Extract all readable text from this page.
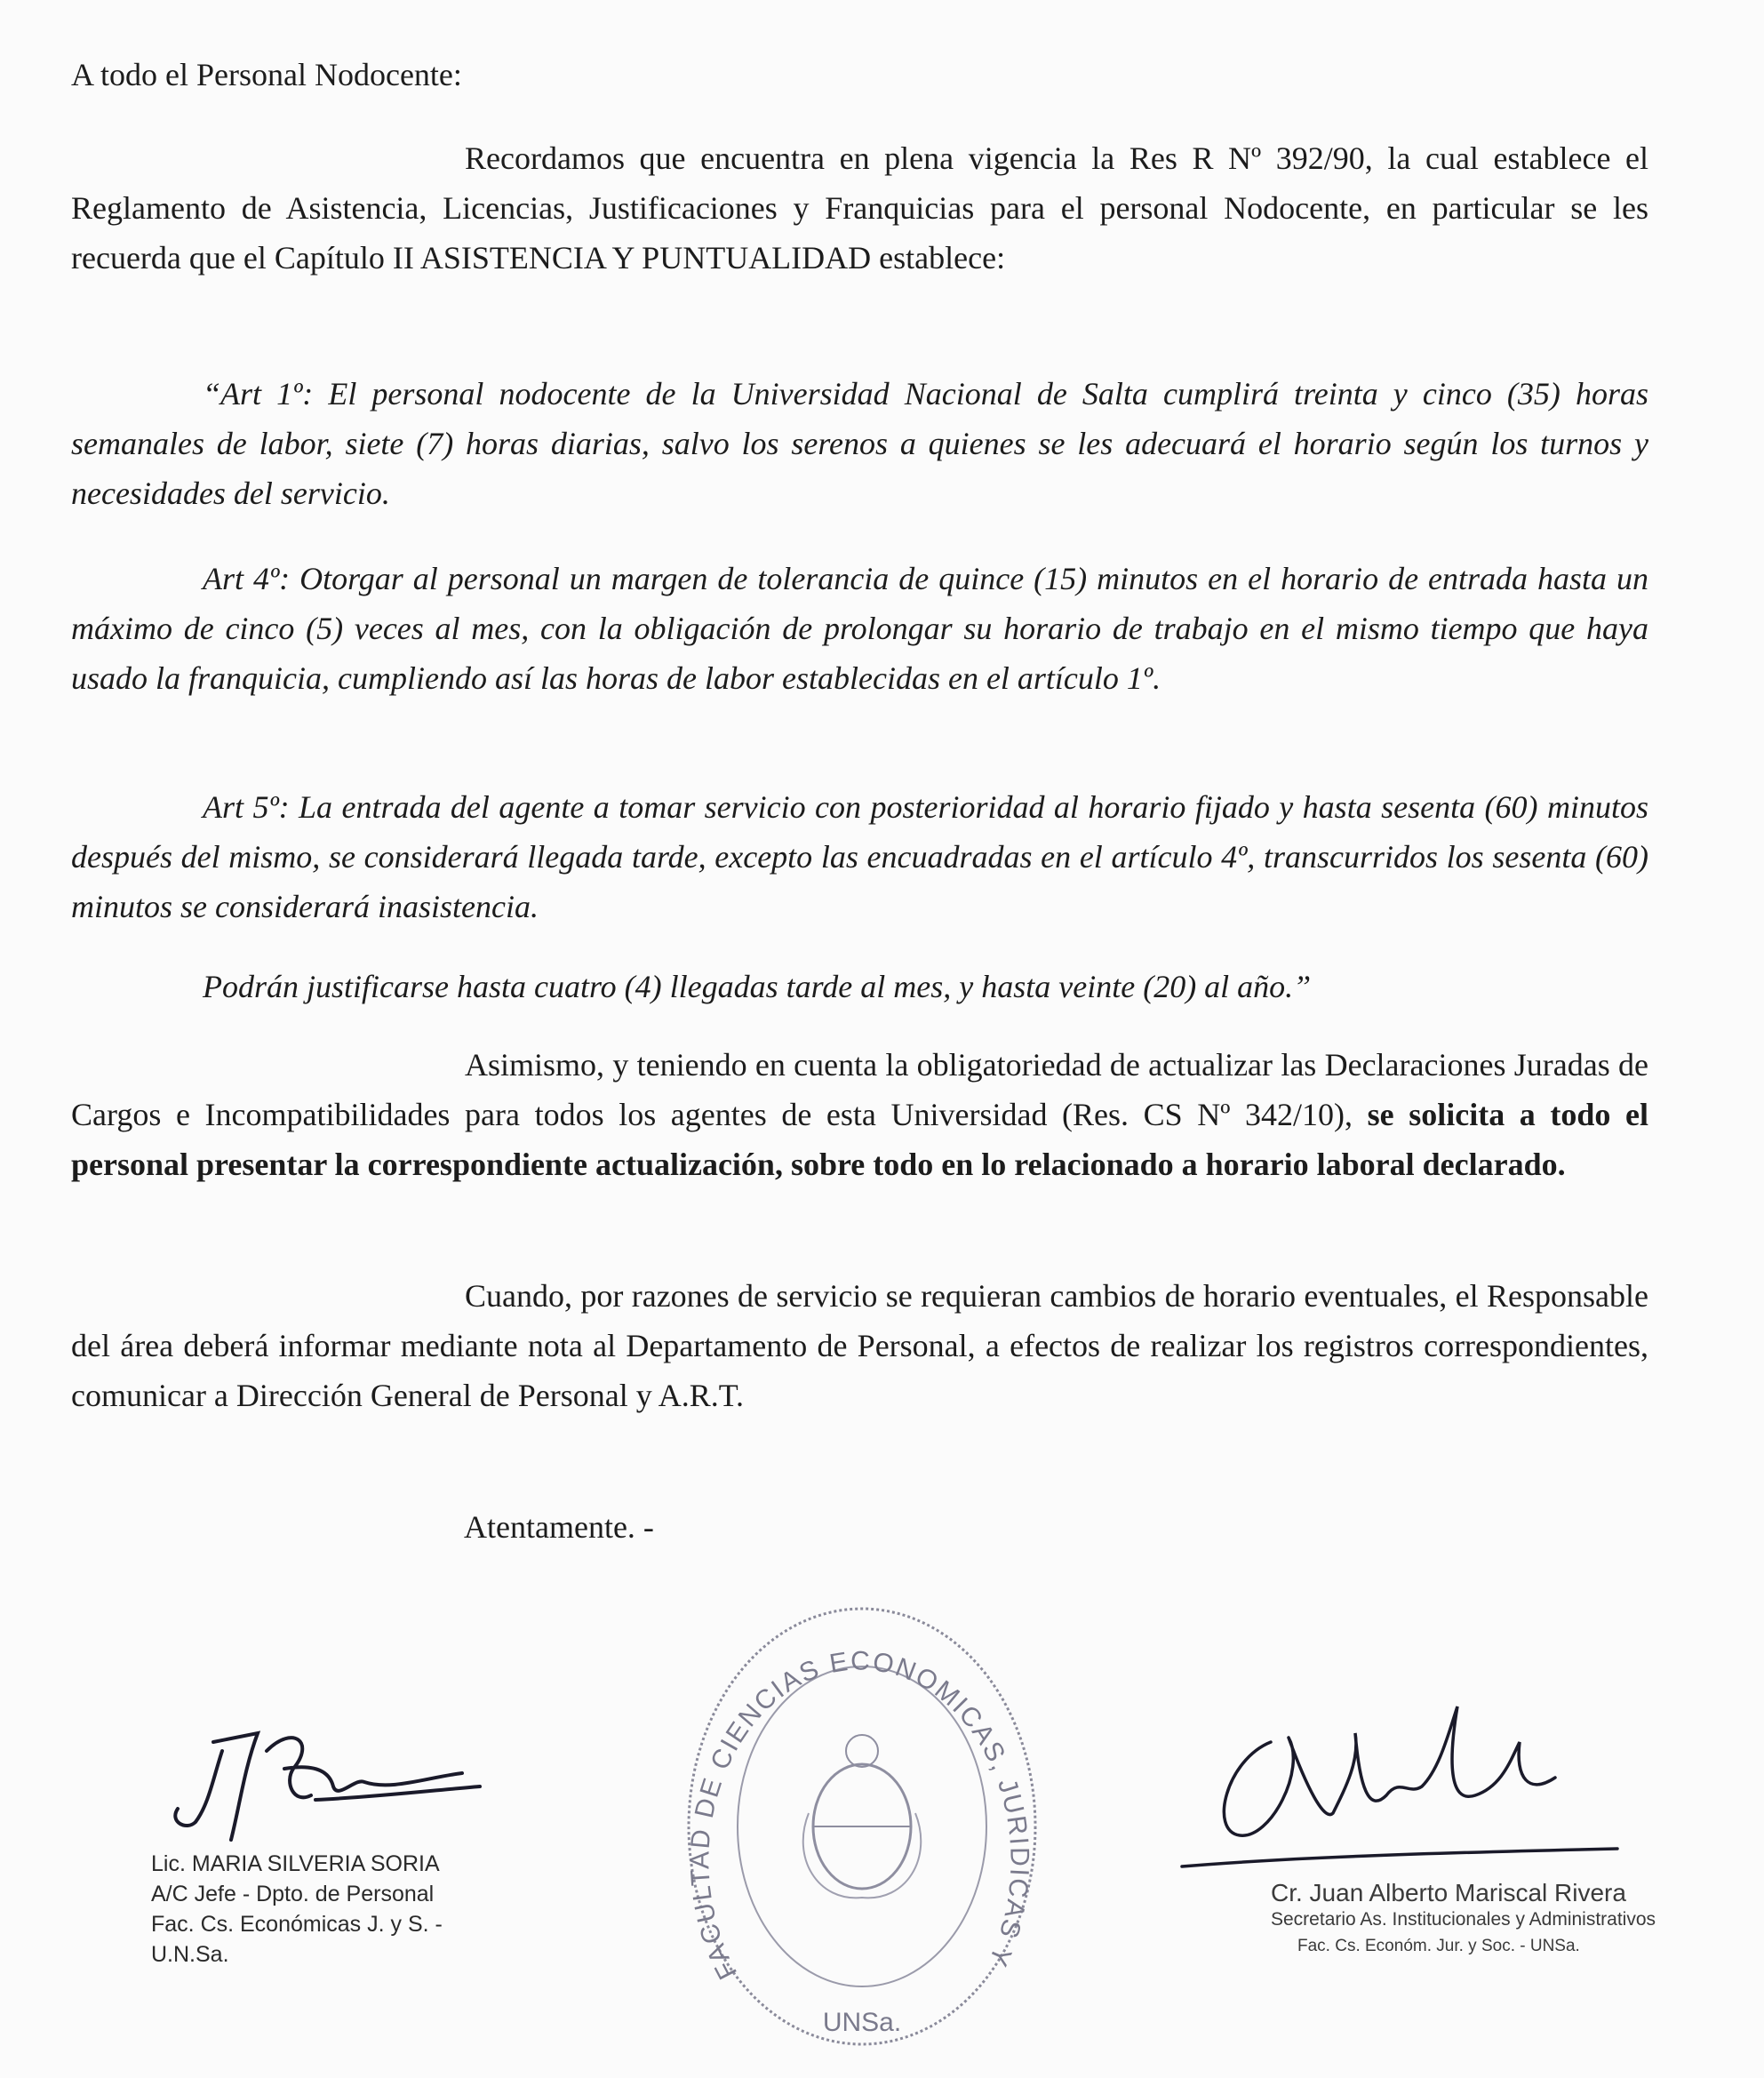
A todo el Personal Nodocente:

Recordamos que encuentra en plena vigencia la Res R Nº 392/90, la cual establece el Reglamento de Asistencia, Licencias, Justificaciones y Franquicias para el personal Nodocente, en particular se les recuerda que el Capítulo II ASISTENCIA Y PUNTUALIDAD establece:

“Art 1º: El personal nodocente de la Universidad Nacional de Salta cumplirá treinta y cinco (35) horas semanales de labor, siete (7) horas diarias, salvo los serenos a quienes se les adecuará el horario según los turnos y necesidades del servicio.

Art 4º: Otorgar al personal un margen de tolerancia de quince (15) minutos en el horario de entrada hasta un máximo de cinco (5) veces al mes, con la obligación de prolongar su horario de trabajo en el mismo tiempo que haya usado la franquicia, cumpliendo así las horas de labor establecidas en el artículo 1º.

Art 5º: La entrada del agente a tomar servicio con posterioridad al horario fijado y hasta sesenta (60) minutos después del mismo, se considerará llegada tarde, excepto las encuadradas en el artículo 4º, transcurridos los sesenta (60) minutos se considerará inasistencia.

Podrán justificarse hasta cuatro (4) llegadas tarde al mes, y hasta veinte (20) al año.”

Asimismo, y teniendo en cuenta la obligatoriedad de actualizar las Declaraciones Juradas de Cargos e Incompatibilidades para todos los agentes de esta Universidad (Res. CS Nº 342/10), se solicita a todo el personal presentar la correspondiente actualización, sobre todo en lo relacionado a horario laboral declarado.

Cuando, por razones de servicio se requieran cambios de horario eventuales, el Responsable del área deberá informar mediante nota al Departamento de Personal, a efectos de realizar los registros correspondientes, comunicar a Dirección General de Personal y A.R.T.

Atentamente. -
Lic. MARIA SILVERIA SORIA
A/C Jefe - Dpto. de Personal
Fac. Cs. Económicas J. y S. - U.N.Sa.
FACULTAD DE CIENCIAS ECONOMICAS, JURIDICAS Y
UNSa.
Cr. Juan Alberto Mariscal Rivera
Secretario As. Institucionales y Administrativos
Fac. Cs. Económ. Jur. y Soc. - UNSa.
